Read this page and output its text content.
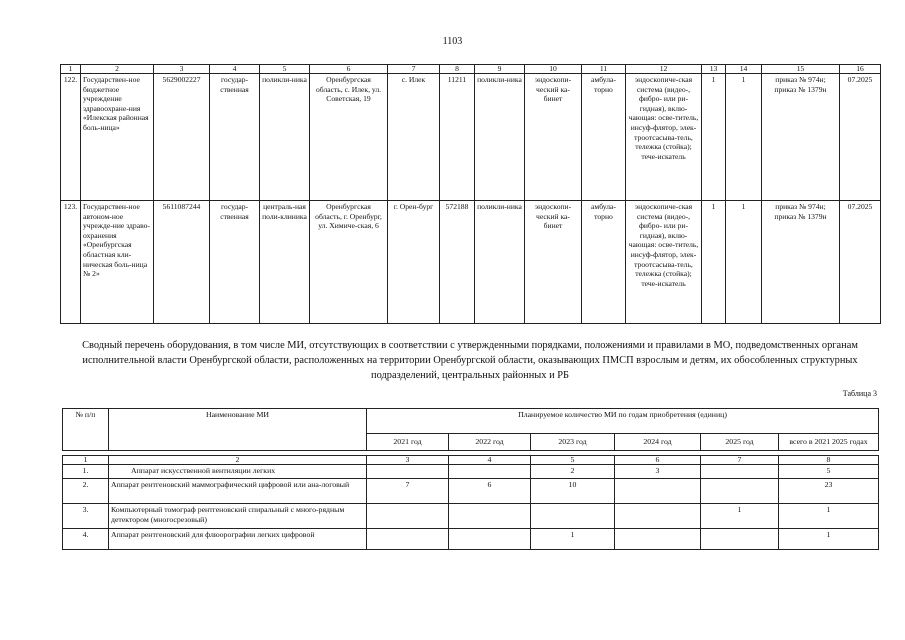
1103
1	2	3	4	5	6	7	8	9	10	11	12	13	14	15	16
122.	Государствен-ное бюджетное учреждение здравоохране-ния «Илекская районная боль-ница»	5629002227	государ-ственная	поликли-ника	Оренбургская область, с. Илек, ул. Советская, 19	с. Илек	11211	поликли-ника	эндоскопи-ческий ка-бинет	амбула-торно	эндоскопиче-ская система (видео-, фибро- или ри-гидная), вклю-чающая: осве-титель, инсуф-флятор, элек-троотсасыва-тель, тележка (стойка); тече-искатель	1	1	приказ № 974н; приказ № 1379н	07.2025
123.	Государствен-ное автоном-ное учрежде-ние здраво-охранения «Оренбургская областная кли-ническая боль-ница № 2»	5611087244	государ-ственная	централь-ная поли-клиника	Оренбургская область, г. Оренбург, ул. Химиче-ская, 6	г. Орен-бург	572188	поликли-ника	эндоскопи-ческий ка-бинет	амбула-торно	эндоскопиче-ская система (видео-, фибро- или ри-гидная), вклю-чающая: осве-титель, инсуф-флятор, элек-троотсасыва-тель, тележка (стойка); тече-искатель	1	1	приказ № 974н; приказ № 1379н	07.2025
Сводный перечень оборудования, в том числе МИ, отсутствующих в соответствии с утвержденными порядками, положениями и правилами в МО, подведомственных органам исполнительной власти Оренбургской области, расположенных на территории Оренбургской области, оказывающих ПМСП взрослым и детям, их обособленных структурных подразделений, центральных районных и РБ
Таблица 3
№ п/п	Наименование МИ	Планируемое количество МИ по годам приобретения (единиц)					
		2021 год	2022 год	2023 год	2024 год	2025 год	всего в 2021 2025 годах

1	2	3	4	5	6	7	8
1.	Аппарат искусственной вентиляции легких			2	3		5
2.	Аппарат рентгеновский маммографический цифровой или ана-логовый	7	6	10			23
3.	Компьютерный томограф рентгеновский спиральный с много-рядным детектором (многосрезовый)					1	1
4.	Аппарат рентгеновский для флюорографии легких цифровой			1			1
